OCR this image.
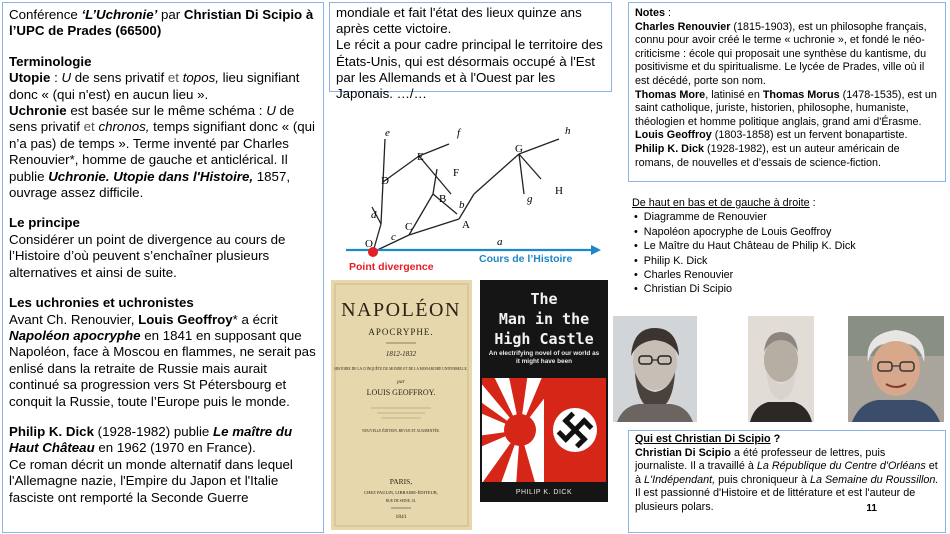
Conférence ‘L’Uchronie’ par Christian Di Scipio à l’UPC de Prades (66500)

Terminologie

Utopie : U de sens privatif et topos, lieu signifiant donc « (qui n'est) en aucun lieu ».

Uchronie est basée sur le même schéma : U de sens privatif et chronos, temps signifiant donc « (qui n’a pas) de temps ». Terme inventé par Charles Renouvier*, homme de gauche et anticlérical. Il publie Uchronie. Utopie dans l'Histoire, 1857, ouvrage assez difficile.

Le principe

Considérer un point de divergence au cours de l’Histoire d’où peuvent s’enchaîner plusieurs alternatives et ainsi de suite.

Les uchronies et uchronistes

Avant Ch. Renouvier, Louis Geoffroy* a écrit Napoléon apocryphe en 1841 en supposant que Napoléon, face à Moscou en flammes, ne serait pas enlisé dans la retraite de Russie mais aurait continué sa progression vers St Pétersbourg et conquit la Russie, toute l’Europe puis le monde.

Philip K. Dick (1928-1982) publie Le maître du Haut Château en 1962 (1970 en France).

Ce roman décrit un monde alternatif dans lequel l'Allemagne nazie, l'Empire du Japon et l'Italie fasciste ont remporté la Seconde Guerre

mondiale et fait l'état des lieux quinze ans après cette victoire.
Le récit a pour cadre principal le territoire des États-Unis, qui est désormais occupé à l'Est par les Allemands et à l'Ouest par les Japonais. …/…
O	a
b
c
d
e	f
g
h
A
B
C
D
E
F
G
H
Point divergence
Cours de l’Histoire
NAPOLÉON
APOCRYPHE.
1812-1832
HISTOIRE DE LA CONQUÊTE DU MONDE ET DE LA MONARCHIE UNIVERSELLE.
par
LOUIS GEOFFROY.
NOUVELLE ÉDITION, REVUE ET AUGMENTÉE.
PARIS,
CHEZ PAULIN, LIBRAIRE-ÉDITEUR,
RUE DE SEINE, 33.
1841
The
Man in the
High Castle
An electrifying novel of our world as it might have been
PHILIP K. DICK

Notes :

Charles Renouvier (1815-1903), est un philosophe français, connu pour avoir créé le terme « uchronie », et fondé le néo-criticisme : école qui proposait une synthèse du kantisme, du positivisme et du spiritualisme. Le lycée de Prades, ville où il est décédé, porte son nom.

Thomas More, latinisé en Thomas Morus (1478-1535), est un saint catholique, juriste, historien, philosophe, humaniste, théologien et homme politique anglais, grand ami d'Érasme.

Louis Geoffroy (1803-1858) est un fervent bonapartiste.

Philip K. Dick (1928-1982), est un auteur américain de romans, de nouvelles et d’essais de science-fiction.

De haut en bas et de gauche à droite :
• Diagramme de Renouvier
• Napoléon apocryphe de Louis Geoffroy
• Le Maître du Haut Château de Philip K. Dick
• Philip K. Dick
• Charles Renouvier
• Christian Di Scipio

Qui est Christian Di Scipio ?

Christian Di Scipio a été professeur de lettres, puis journaliste. Il a travaillé à La République du Centre d'Orléans et à L'Indépendant, puis chroniqueur à La Semaine du Roussillon. Il est passionné d'Histoire et de littérature et est l'auteur de plusieurs polars.	11
